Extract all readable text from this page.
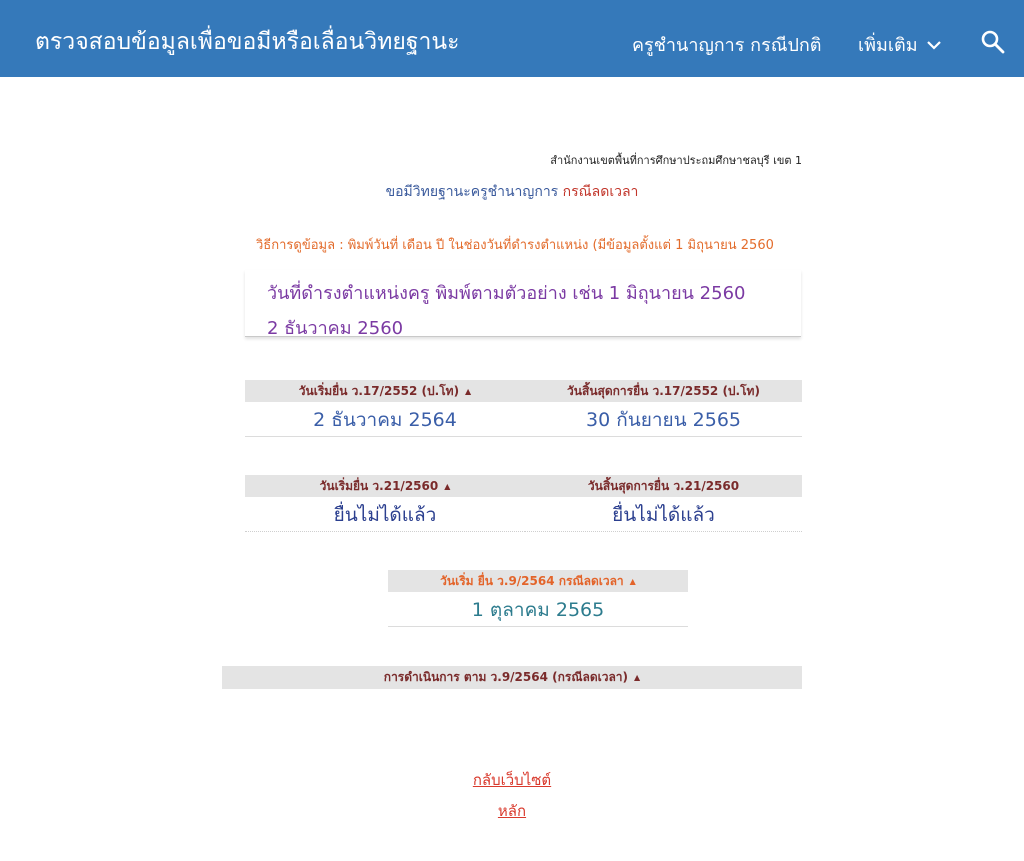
ตรวจสอบข้อมูลเพื่อขอมีหรือเลื่อนวิทยฐานะ	ครูชำนาญการ กรณีปกติ เพิ่มเติม
สำนักงานเขตพื้นที่การศึกษาประถมศึกษาชลบุรี เขต 1
ขอมีวิทยฐานะครูชำนาญการ กรณีลดเวลา
วิธีการดูข้อมูล : พิมพ์วันที่ เดือน ปี ในช่องวันที่ดำรงตำแหน่ง (มีข้อมูลตั้งแต่ 1 มิถุนายน 2560
วันที่ดำรงตำแหน่งครู พิมพ์ตามตัวอย่าง เช่น 1 มิถุนายน 2560
2 ธันวาคม 2560
วันเริ่มยื่น ว.17/2552 (ป.โท) ▲	วันสิ้นสุดการยื่น ว.17/2552 (ป.โท)
2 ธันวาคม 2564	30 กันยายน 2565
วันเริ่มยื่น ว.21/2560 ▲	วันสิ้นสุดการยื่น ว.21/2560
ยื่นไม่ได้แล้ว	ยื่นไม่ได้แล้ว
วันเริ่ม ยื่น ว.9/2564 กรณีลดเวลา ▲
1 ตุลาคม 2565
การดำเนินการ ตาม ว.9/2564 (กรณีลดเวลา) ▲
กลับเว็บไซต์
หลัก
